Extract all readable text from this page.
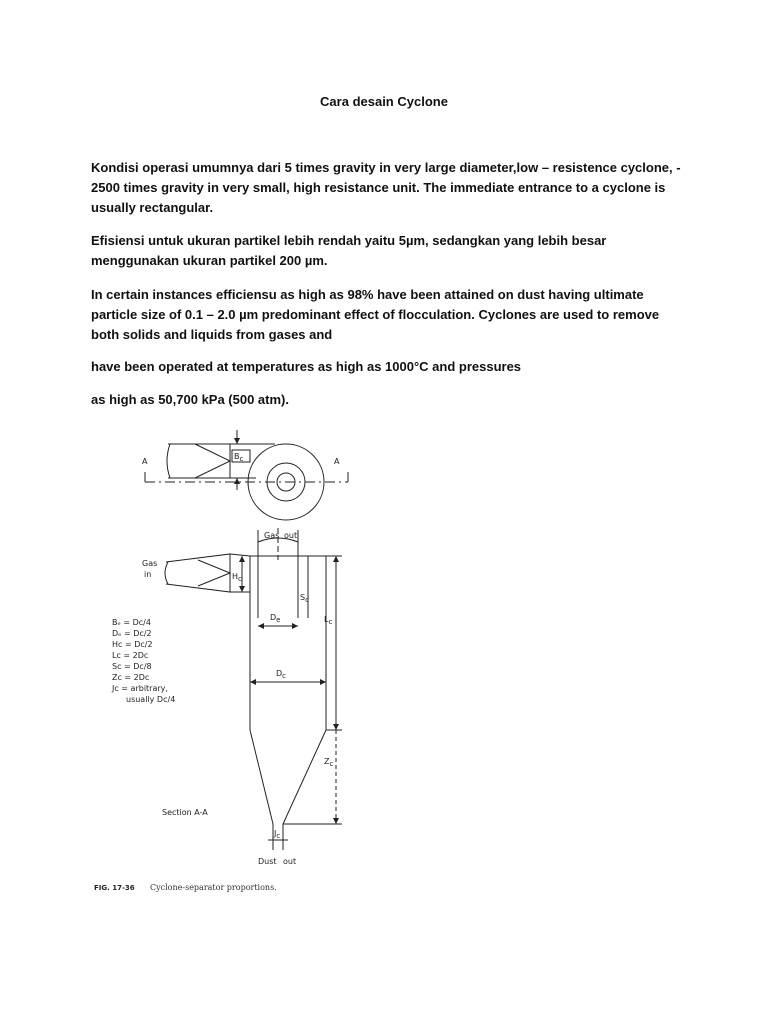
Cara desain Cyclone

Kondisi operasi umumnya dari 5 times gravity in very large diameter,low – resistence cyclone, - 2500 times gravity in very small, high resistance unit. The immediate entrance to a cyclone is usually rectangular.

Efisiensi untuk ukuran partikel lebih rendah yaitu 5µm, sedangkan yang lebih besar menggunakan ukuran partikel 200 µm.

In certain instances efficiensu as high as 98% have been attained on dust having ultimate particle size of 0.1 – 2.0 µm predominant effect of flocculation. Cyclones are used to remove both solids and liquids from gases and

have been operated at temperatures as high as 1000°C and pressures

as high as 50,700 kPa (500 atm).

A	A
Bc
Gas out
Gas
in	Hc
Sc
De	Lc
Dc
Zc
Jc
Dust out
Bₑ = Dᴄ/4
Dₑ = Dᴄ/2
Hᴄ = Dᴄ/2
Lᴄ = 2Dᴄ
Sᴄ = Dᴄ/8
Zᴄ = 2Dᴄ
Jᴄ = arbitrary,
usually Dᴄ/4
Section A-A
FIG. 17-36 Cyclone-separator proportions.
